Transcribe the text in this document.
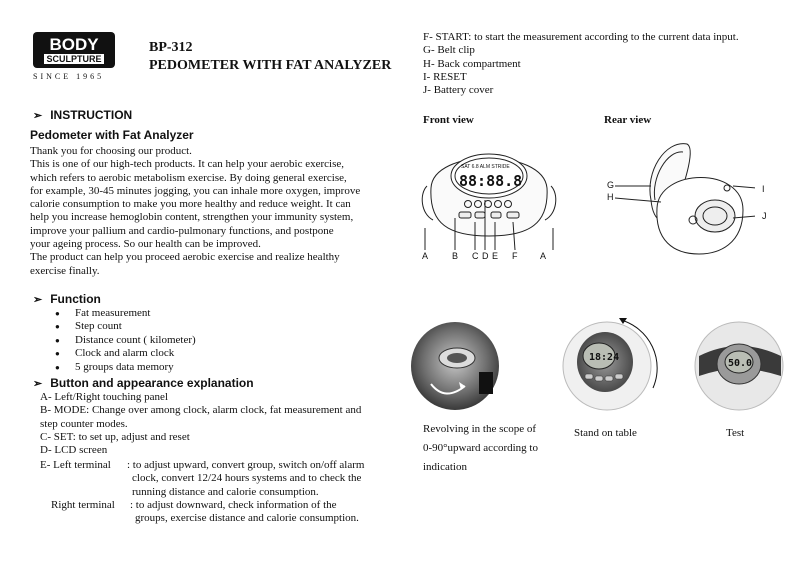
BODY
SCULPTURE
SINCE 1965
BP-312
PEDOMETER WITH FAT ANALYZER
➢ INSTRUCTION
Pedometer with Fat Analyzer
Thank you for choosing our product.
This is one of our high-tech products. It can help your aerobic exercise,
which refers to aerobic metabolism exercise. By doing general exercise,
for example, 30-45 minutes jogging, you can inhale more oxygen, improve
calorie consumption to make you more healthy and reduce weight. It can
help you increase hemoglobin content, strengthen your immunity system,
improve your pallium and cardio-pulmonary functions, and postpone
your ageing process. So our health can be improved.
The product can help you proceed aerobic exercise and realize healthy
exercise finally.
➢ Function
●	Fat measurement
●	Step count
●	Distance count ( kilometer)
●	Clock and alarm clock
●	5 groups data memory
➢ Button and appearance explanation
A- Left/Right touching panel
B- MODE: Change over among clock, alarm clock, fat measurement and
step counter modes.
C- SET: to set up, adjust and reset
D- LCD screen
E- Left terminal : to adjust upward, convert group, switch on/off alarm
clock, convert 12/24 hours systems and to check the
running distance and calorie consumption.
Right terminal : to adjust downward, check information of the
groups, exercise distance and calorie consumption.
F- START: to start the measurement according to the current data input.
G- Belt clip
H- Back compartment
I- RESET
J- Battery cover
Front view	Rear view
SAT 6.8 ALM STRIDE
88:88.8
A	B C D E F	A
G
H
I
J
18:24
50.0
Revolving in the scope of
0-90°upward according to
indication
Stand on table	Test
